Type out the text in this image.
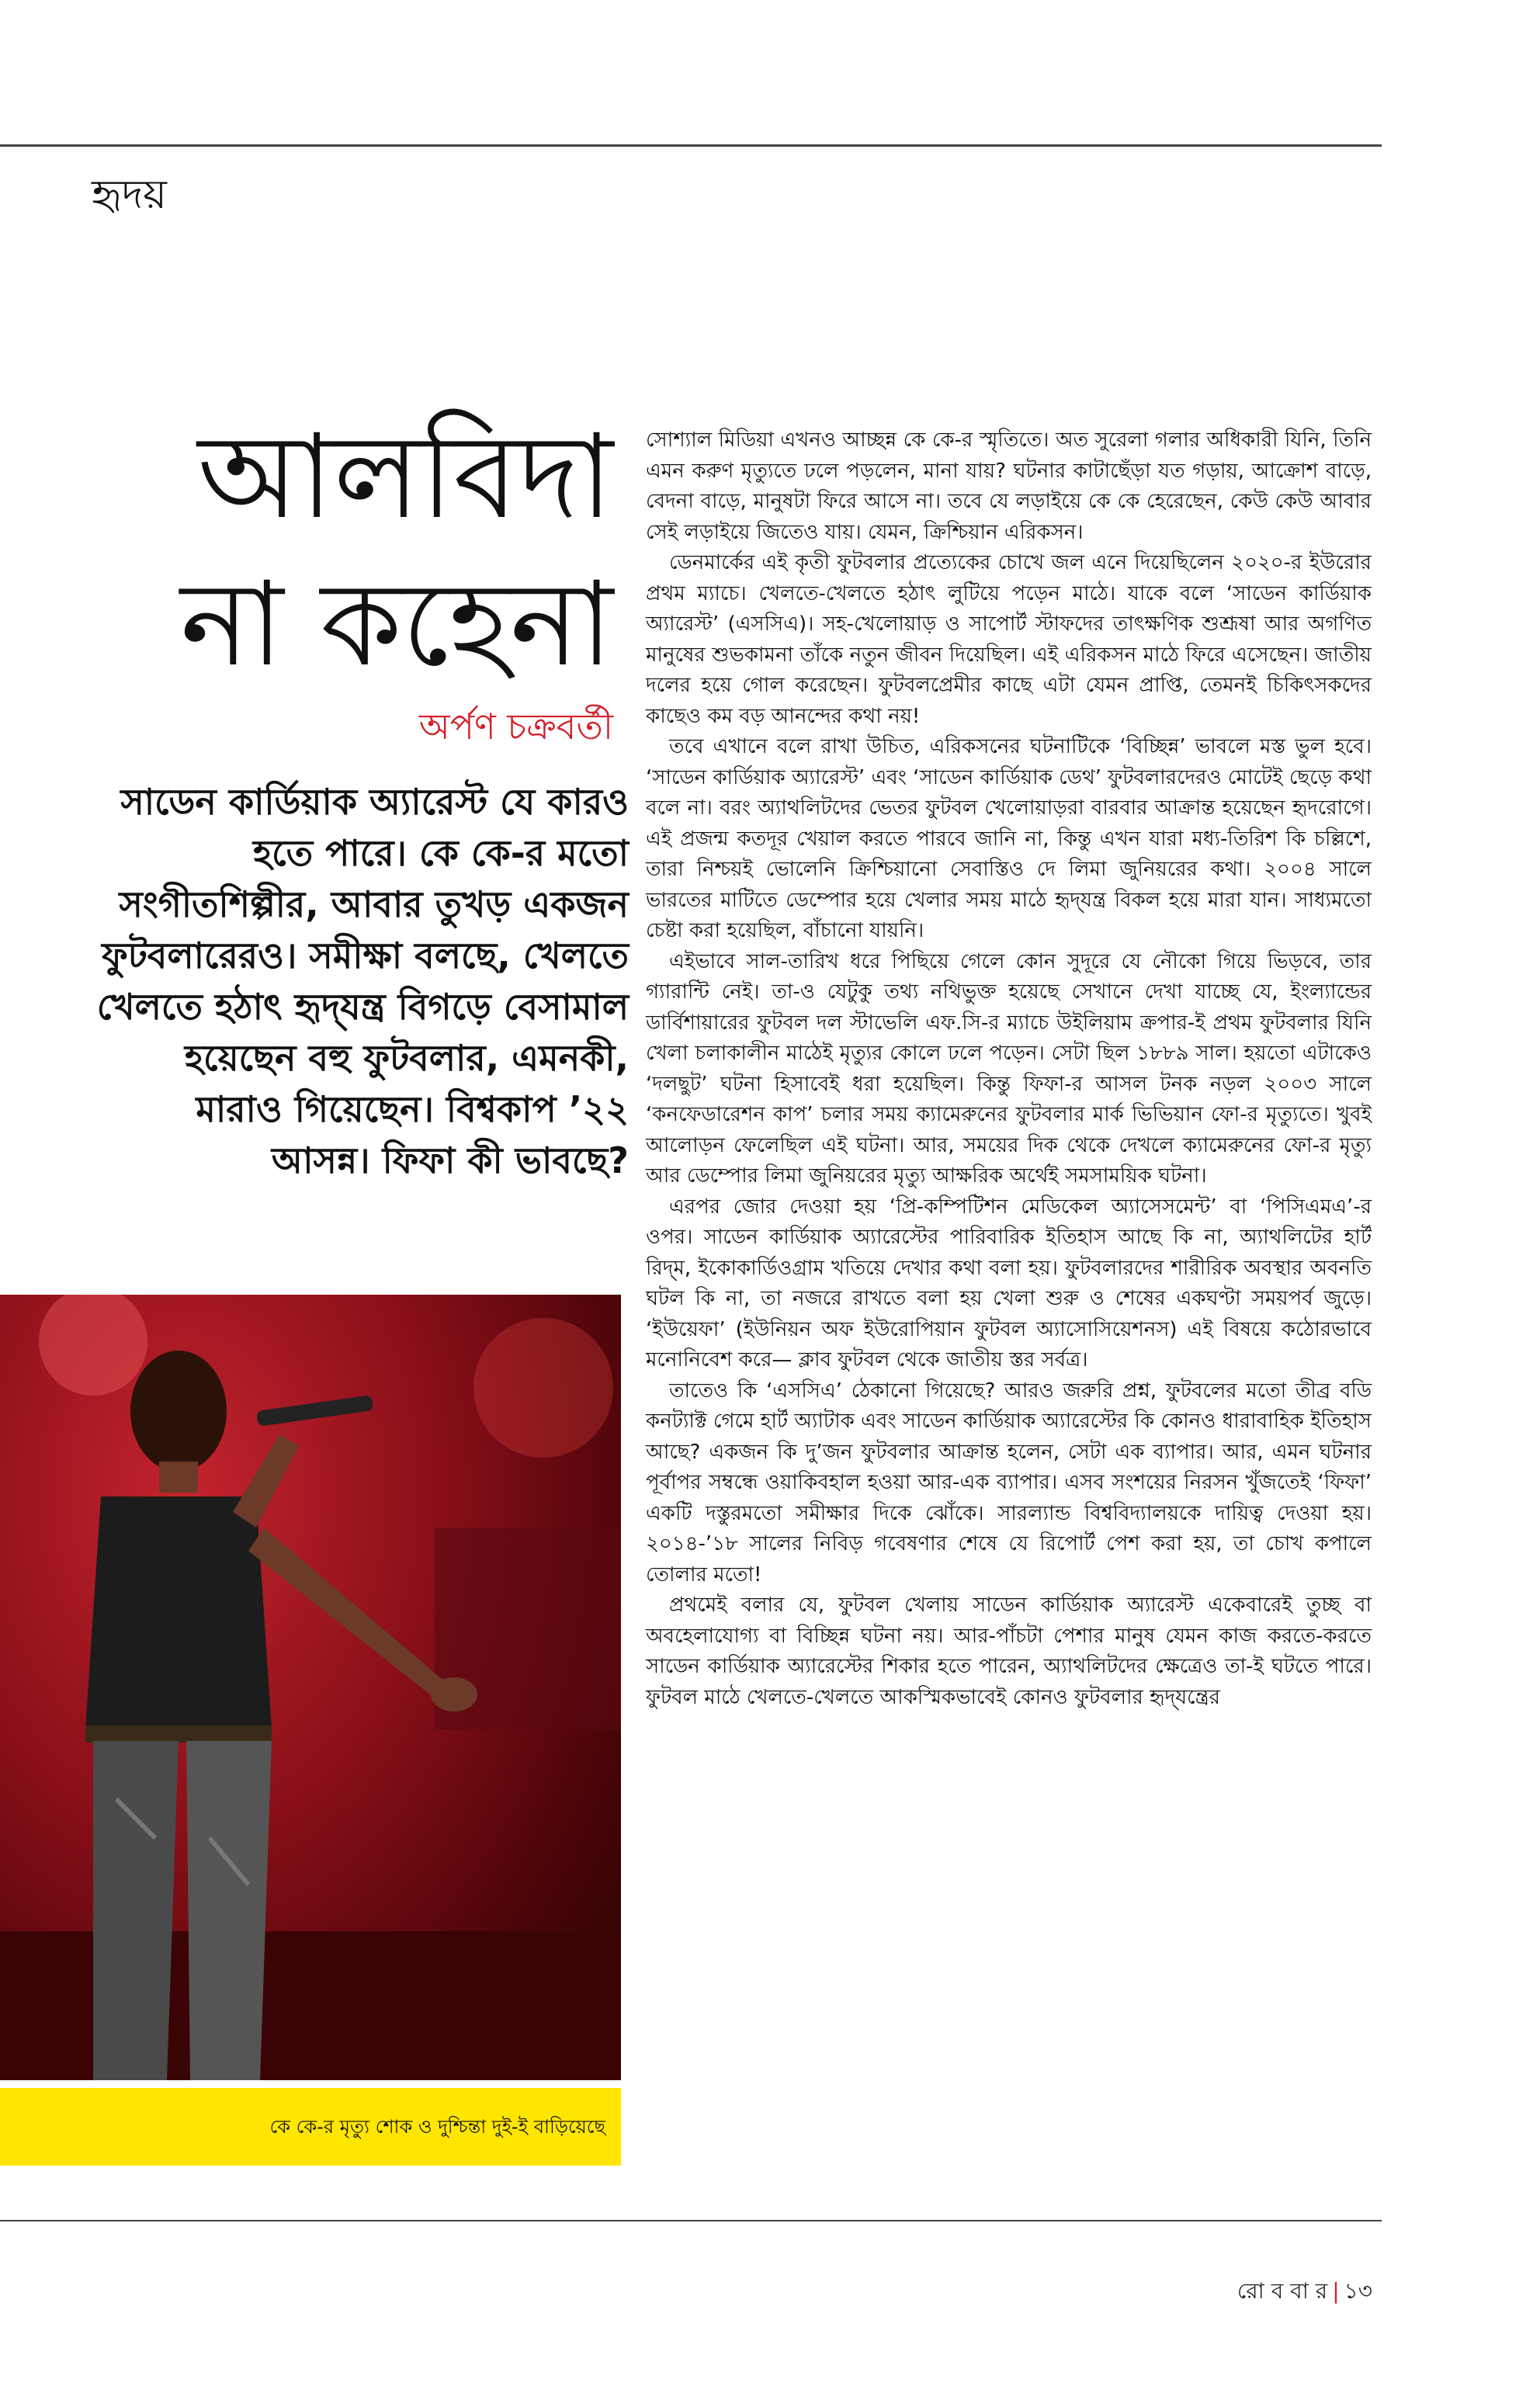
হৃদয়
আলবিদা
না কহেনা
অর্পণ চক্রবর্তী

সাডেন কার্ডিয়াক অ্যারেস্ট যে কারও হতে পারে। কে কে-র মতো সংগীতশিল্পীর, আবার তুখড় একজন ফুটবলারেরও। সমীক্ষা বলছে, খেলতে খেলতে হঠাৎ হৃদ্‌যন্ত্র বিগড়ে বেসামাল হয়েছেন বহু ফুটবলার, এমনকী, মারাও গিয়েছেন। বিশ্বকাপ ’২২ আসন্ন। ফিফা কী ভাবছে?

কে কে-র মৃত্যু শোক ও দুশ্চিন্তা দুই-ই বাড়িয়েছে

সোশ্যাল মিডিয়া এখনও আচ্ছন্ন কে কে-র স্মৃতিতে। অত সুরেলা গলার অধিকারী যিনি, তিনি এমন করুণ মৃত্যুতে ঢলে পড়লেন, মানা যায়? ঘটনার কাটাছেঁড়া যত গড়ায়, আক্রোশ বাড়ে, বেদনা বাড়ে, মানুষটা ফিরে আসে না। তবে যে লড়াইয়ে কে কে হেরেছেন, কেউ কেউ আবার সেই লড়াইয়ে জিতেও যায়। যেমন, ক্রিশ্চিয়ান এরিকসন।

ডেনমার্কের এই কৃতী ফুটবলার প্রত্যেকের চোখে জল এনে দিয়েছিলেন ২০২০-র ইউরোর প্রথম ম্যাচে। খেলতে-খেলতে হঠাৎ লুটিয়ে পড়েন মাঠে। যাকে বলে ‘সাডেন কার্ডিয়াক অ্যারেস্ট’ (এসসিএ)। সহ-খেলোয়াড় ও সাপোর্ট স্টাফদের তাৎক্ষণিক শুশ্রূষা আর অগণিত মানুষের শুভকামনা তাঁকে নতুন জীবন দিয়েছিল। এই এরিকসন মাঠে ফিরে এসেছেন। জাতীয় দলের হয়ে গোল করেছেন। ফুটবলপ্রেমীর কাছে এটা যেমন প্রাপ্তি, তেমনই চিকিৎসকদের কাছেও কম বড় আনন্দের কথা নয়!

তবে এখানে বলে রাখা উচিত, এরিকসনের ঘটনাটিকে ‘বিচ্ছিন্ন’ ভাবলে মস্ত ভুল হবে। ‘সাডেন কার্ডিয়াক অ্যারেস্ট’ এবং ‘সাডেন কার্ডিয়াক ডেথ’ ফুটবলারদেরও মোটেই ছেড়ে কথা বলে না। বরং অ্যাথলিটদের ভেতর ফুটবল খেলোয়াড়রা বারবার আক্রান্ত হয়েছেন হৃদরোগে। এই প্রজন্ম কতদূর খেয়াল করতে পারবে জানি না, কিন্তু এখন যারা মধ্য-তিরিশ কি চল্লিশে, তারা নিশ্চয়ই ভোলেনি ক্রিশ্চিয়ানো সেবাস্তিও দে লিমা জুনিয়রের কথা। ২০০৪ সালে ভারতের মাটিতে ডেম্পোর হয়ে খেলার সময় মাঠে হৃদ্‌যন্ত্র বিকল হয়ে মারা যান। সাধ্যমতো চেষ্টা করা হয়েছিল, বাঁচানো যায়নি।

এইভাবে সাল-তারিখ ধরে পিছিয়ে গেলে কোন সুদূরে যে নৌকো গিয়ে ভিড়বে, তার গ্যারান্টি নেই। তা-ও যেটুকু তথ্য নথিভুক্ত হয়েছে সেখানে দেখা যাচ্ছে যে, ইংল্যান্ডের ডার্বিশায়ারের ফুটবল দল স্টাভেলি এফ.সি-র ম্যাচে উইলিয়াম ক্রপার-ই প্রথম ফুটবলার যিনি খেলা চলাকালীন মাঠেই মৃত্যুর কোলে ঢলে পড়েন। সেটা ছিল ১৮৮৯ সাল। হয়তো এটাকেও ‘দলছুট’ ঘটনা হিসাবেই ধরা হয়েছিল। কিন্তু ফিফা-র আসল টনক নড়ল ২০০৩ সালে ‘কনফেডারেশন কাপ’ চলার সময় ক্যামেরুনের ফুটবলার মার্ক ভিভিয়ান ফো-র মৃত্যুতে। খুবই আলোড়ন ফেলেছিল এই ঘটনা। আর, সময়ের দিক থেকে দেখলে ক্যামেরুনের ফো-র মৃত্যু আর ডেম্পোর লিমা জুনিয়রের মৃত্যু আক্ষরিক অর্থেই সমসাময়িক ঘটনা।

এরপর জোর দেওয়া হয় ‘প্রি-কম্পিটিশন মেডিকেল অ্যাসেসমেন্ট’ বা ‘পিসিএমএ’-র ওপর। সাডেন কার্ডিয়াক অ্যারেস্টের পারিবারিক ইতিহাস আছে কি না, অ্যাথলিটের হার্ট রিদ্‌ম, ইকোকার্ডিওগ্রাম খতিয়ে দেখার কথা বলা হয়। ফুটবলারদের শারীরিক অবস্থার অবনতি ঘটল কি না, তা নজরে রাখতে বলা হয় খেলা শুরু ও শেষের একঘণ্টা সময়পর্ব জুড়ে। ‘ইউয়েফা’ (ইউনিয়ন অফ ইউরোপিয়ান ফুটবল অ্যাসোসিয়েশনস) এই বিষয়ে কঠোরভাবে মনোনিবেশ করে— ক্লাব ফুটবল থেকে জাতীয় স্তর সর্বত্র।

তাতেও কি ‘এসসিএ’ ঠেকানো গিয়েছে? আরও জরুরি প্রশ্ন, ফুটবলের মতো তীব্র বডি কনট্যাক্ট গেমে হার্ট অ্যাটাক এবং সাডেন কার্ডিয়াক অ্যারেস্টের কি কোনও ধারাবাহিক ইতিহাস আছে? একজন কি দু’জন ফুটবলার আক্রান্ত হলেন, সেটা এক ব্যাপার। আর, এমন ঘটনার পূর্বাপর সম্বন্ধে ওয়াকিবহাল হওয়া আর-এক ব্যাপার। এসব সংশয়ের নিরসন খুঁজতেই ‘ফিফা’ একটি দস্তুরমতো সমীক্ষার দিকে ঝোঁকে। সারল্যান্ড বিশ্ববিদ্যালয়কে দায়িত্ব দেওয়া হয়। ২০১৪-’১৮ সালের নিবিড় গবেষণার শেষে যে রিপোর্ট পেশ করা হয়, তা চোখ কপালে তোলার মতো!

প্রথমেই বলার যে, ফুটবল খেলায় সাডেন কার্ডিয়াক অ্যারেস্ট একেবারেই তুচ্ছ বা অবহেলাযোগ্য বা বিচ্ছিন্ন ঘটনা নয়। আর-পাঁচটা পেশার মানুষ যেমন কাজ করতে-করতে সাডেন কার্ডিয়াক অ্যারেস্টের শিকার হতে পারেন, অ্যাথলিটদের ক্ষেত্রেও তা-ই ঘটতে পারে। ফুটবল মাঠে খেলতে-খেলতে আকস্মিকভাবেই কোনও ফুটবলার হৃদ্‌যন্ত্রের

রো ব বা র | ১৩
